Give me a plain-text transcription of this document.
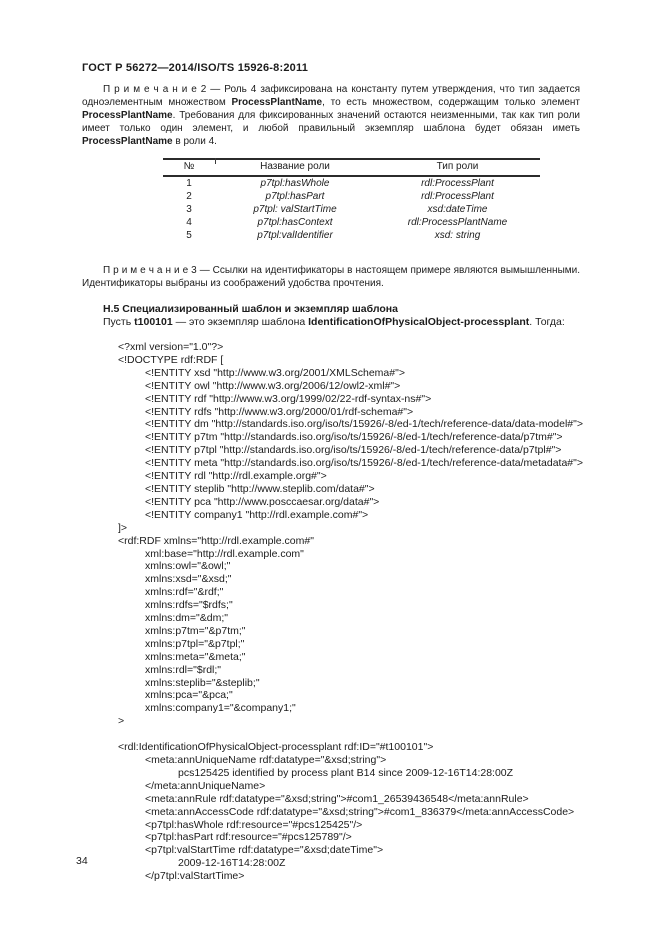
ГОСТ Р 56272—2014/ISO/TS 15926-8:2011

П р и м е ч а н и е 2 — Роль 4 зафиксирована на константу путем утверждения, что тип задается одноэлементным множеством ProcessPlantName, то есть множеством, содержащим только элемент ProcessPlantName. Требования для фиксированных значений остаются неизменными, так как тип роли имеет только один элемент, и любой правильный экземпляр шаблона будет обязан иметь ProcessPlantName в роли 4.

№	Название роли	Тип роли
1	p7tpl:hasWhole	rdl:ProcessPlant
2	p7tpl:hasPart	rdl:ProcessPlant
3	p7tpl: valStartTime	xsd:dateTime
4	p7tpl:hasContext	rdl:ProcessPlantName
5	p7tpl:valIdentifier	xsd: string

П р и м е ч а н и е 3 — Ссылки на идентификаторы в настоящем примере являются вымышленными. Идентификаторы выбраны из соображений удобства прочтения.

Н.5 Специализированный шаблон и экземпляр шаблона

Пусть t100101 — это экземпляр шаблона IdentificationOfPhysicalObject-processplant. Тогда:

<?xml version="1.0"?>
<!DOCTYPE rdf:RDF [
<!ENTITY xsd "http://www.w3.org/2001/XMLSchema#">
<!ENTITY owl "http://www.w3.org/2006/12/owl2-xml#">
<!ENTITY rdf "http://www.w3.org/1999/02/22-rdf-syntax-ns#">
<!ENTITY rdfs "http://www.w3.org/2000/01/rdf-schema#">
<!ENTITY dm "http://standards.iso.org/iso/ts/15926/-8/ed-1/tech/reference-data/data-model#">
<!ENTITY p7tm "http://standards.iso.org/iso/ts/15926/-8/ed-1/tech/reference-data/p7tm#">
<!ENTITY p7tpl "http://standards.iso.org/iso/ts/15926/-8/ed-1/tech/reference-data/p7tpl#">
<!ENTITY meta "http://standards.iso.org/iso/ts/15926/-8/ed-1/tech/reference-data/metadata#">
<!ENTITY rdl "http://rdl.example.org#">
<!ENTITY steplib "http://www.steplib.com/data#">
<!ENTITY pca "http://www.posccaesar.org/data#">
<!ENTITY company1 "http://rdl.example.com#">
]>
<rdf:RDF xmlns="http://rdl.example.com#"
xml:base="http://rdl.example.com"
xmlns:owl="&owl;"
xmlns:xsd="&xsd;"
xmlns:rdf="&rdf;"
xmlns:rdfs="$rdfs;"
xmlns:dm="&dm;"
xmlns:p7tm="&p7tm;"
xmlns:p7tpl="&p7tpl;"
xmlns:meta="&meta;"
xmlns:rdl="$rdl;"
xmlns:steplib="&steplib;"
xmlns:pca="&pca;"
xmlns:company1="&company1;"
>

<rdl:IdentificationOfPhysicalObject-processplant rdf:ID="#t100101">
<meta:annUniqueName rdf:datatype="&xsd;string">
pcs125425 identified by process plant B14 since 2009-12-16T14:28:00Z
</meta:annUniqueName>
<meta:annRule rdf:datatype="&xsd;string">#com1_26539436548</meta:annRule>
<meta:annAccessCode rdf:datatype="&xsd;string">#com1_836379</meta:annAccessCode>
<p7tpl:hasWhole rdf:resource="#pcs125425"/>
<p7tpl:hasPart rdf:resource="#pcs125789"/>
<p7tpl:valStartTime rdf:datatype="&xsd;dateTime">
2009-12-16T14:28:00Z
</p7tpl:valStartTime>
34
